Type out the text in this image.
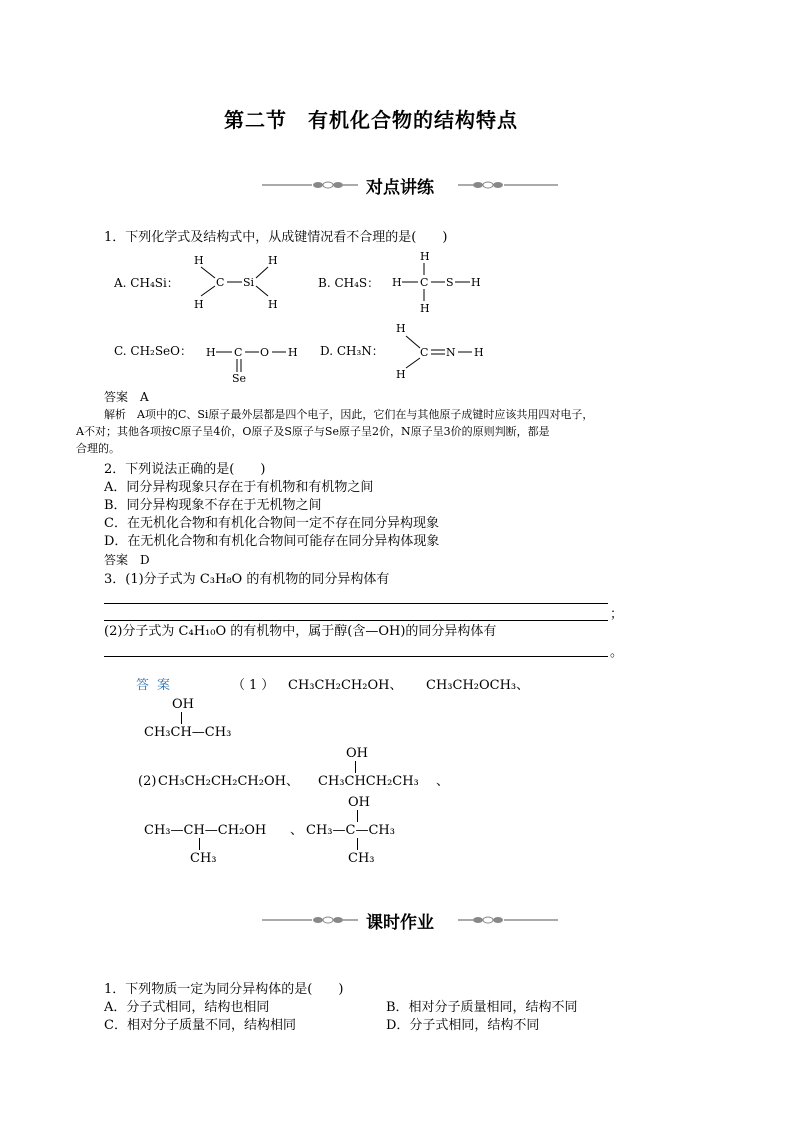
第二节　有机化合物的结构特点
对点讲练
1．下列化学式及结构式中，从成键情况看不合理的是(　　)
A. CH₄Si：
H
H
C Si
H
H
B. CH₄S：
H
H C S H
H
C. CH₂SeO： H C O H
Se
D. CH₃N：
H
C N H
H
答案　A
解析　A项中的C、Si原子最外层都是四个电子，因此，它们在与其他原子成键时应该共用四对电子，
A不对；其他各项按C原子呈4价，O原子及S原子与Se原子呈2价，N原子呈3价的原则判断，都是
合理的。
2．下列说法正确的是(　　)
A．同分异构现象只存在于有机物和有机物之间
B．同分异构现象不存在于无机物之间
C．在无机化合物和有机化合物间一定不存在同分异构现象
D．在无机化合物和有机化合物间可能存在同分异构体现象
答案　D
3．(1)分子式为 C₃H₈O 的有机物的同分异构体有
；
(2)分子式为 C₄H₁₀O 的有机物中，属于醇(含—OH)的同分异构体有
。
答案	（1） CH₃CH₂CH₂OH、 CH₃CH₂OCH₃、
OH
CH₃CH—CH₃
OH
(2) CH₃CH₂CH₂CH₂OH、 CH₃CHCH₂CH₃ 、
OH
CH₃—CH—CH₂OH 、 CH₃—C—CH₃
CH₃	CH₃
课时作业
1．下列物质一定为同分异构体的是(　　)
A．分子式相同，结构也相同	B．相对分子质量相同，结构不同
C．相对分子质量不同，结构相同	D．分子式相同，结构不同
